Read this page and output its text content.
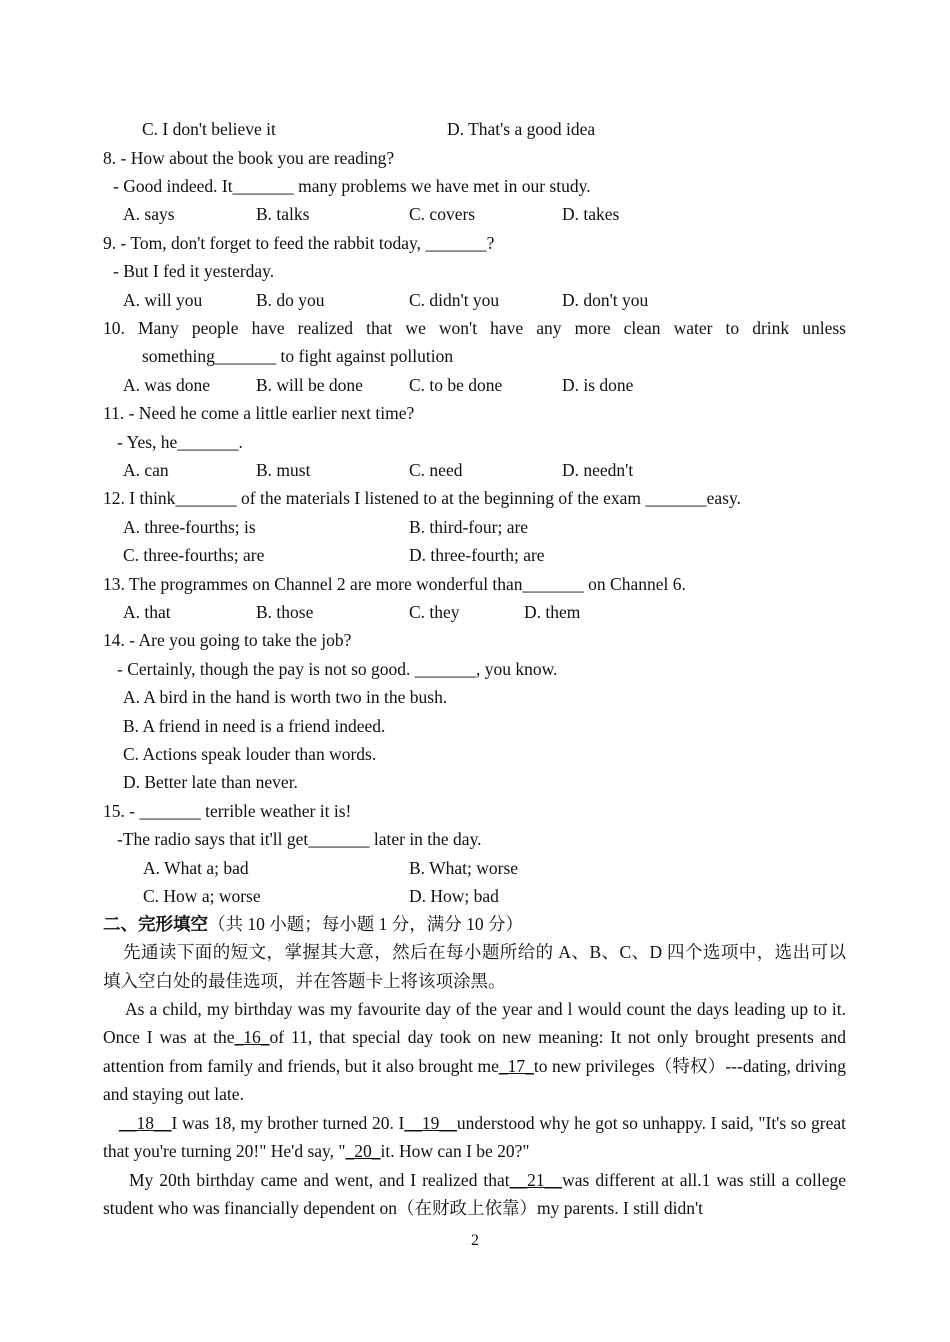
C. I don't believe it	D. That's a good idea
8. - How about the book you are reading?
- Good indeed. It_______ many problems we have met in our study.
A. says	B. talks	C. covers	D. takes
9. - Tom, don't forget to feed the rabbit today, _______?
- But I fed it yesterday.
A. will you	B. do you	C. didn't you	D. don't you
10. Many people have realized that we won't have any more clean water to drink unless
something_______ to fight against pollution
A. was done	B. will be done	C. to be done	D. is done
11. - Need he come a little earlier next time?
- Yes, he_______.
A. can	B. must	C. need	D. needn't
12. I think_______ of the materials I listened to at the beginning of the exam _______easy.
A. three-fourths; is	B. third-four; are
C. three-fourths; are	D. three-fourth; are
13. The programmes on Channel 2 are more wonderful than_______ on Channel 6.
A. that	B. those	C. they	D. them
14. - Are you going to take the job?
- Certainly, though the pay is not so good. _______, you know.
A. A bird in the hand is worth two in the bush.
B. A friend in need is a friend indeed.
C. Actions speak louder than words.
D. Better late than never.
15. - _______ terrible weather it is!
-The radio says that it'll get_______ later in the day.
A. What a; bad	B. What; worse
C. How a; worse	D. How; bad
二、完形填空（共 10 小题；每小题 1 分，满分 10 分）
先通读下面的短文，掌握其大意，然后在每小题所给的 A、B、C、D 四个选项中，选出可以
填入空白处的最佳选项，并在答题卡上将该项涂黑。
As a child, my birthday was my favourite day of the year and l would count the days leading up to it. Once I was at the_16_of 11, that special day took on new meaning: It not only brought presents and attention from family and friends, but it also brought me_17_to new privileges（特权）---dating, driving and staying out late.
__18__I was 18, my brother turned 20. I__19__understood why he got so unhappy. I said, "It's so great that you're turning 20!" He'd say, "_20_it. How can I be 20?"
My 20th birthday came and went, and I realized that__21__was different at all.1 was still a college student who was financially dependent on（在财政上依靠）my parents. I still didn't
2
